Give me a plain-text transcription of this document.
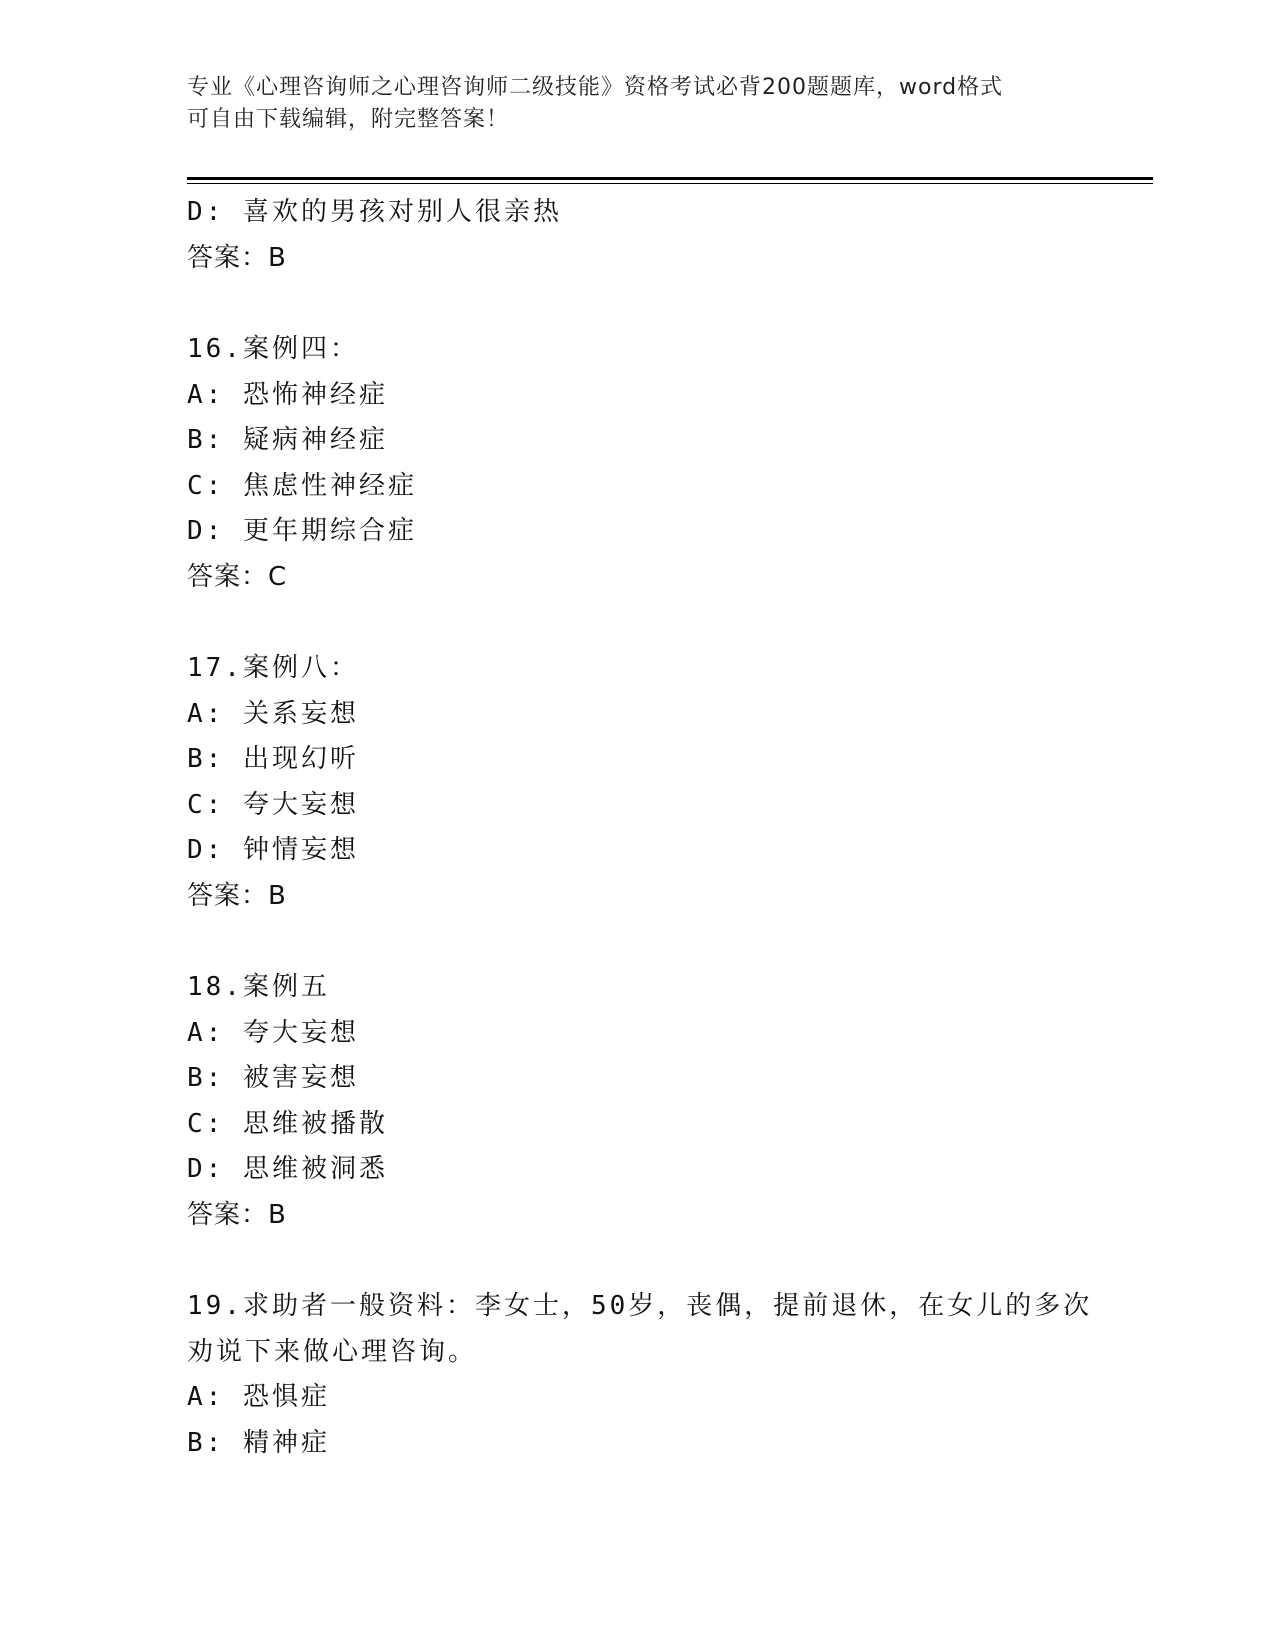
专业《心理咨询师之心理咨询师二级技能》资格考试必背200题题库，word格式
可自由下载编辑，附完整答案！
D: 喜欢的男孩对别人很亲热
答案：B
16.案例四：
A: 恐怖神经症
B: 疑病神经症
C: 焦虑性神经症
D: 更年期综合症
答案：C
17.案例八：
A: 关系妄想
B: 出现幻听
C: 夸大妄想
D: 钟情妄想
答案：B
18.案例五
A: 夸大妄想
B: 被害妄想
C: 思维被播散
D: 思维被洞悉
答案：B
19.求助者一般资料：李女士，50岁，丧偶，提前退休，在女儿的多次
劝说下来做心理咨询。
A: 恐惧症
B: 精神症
